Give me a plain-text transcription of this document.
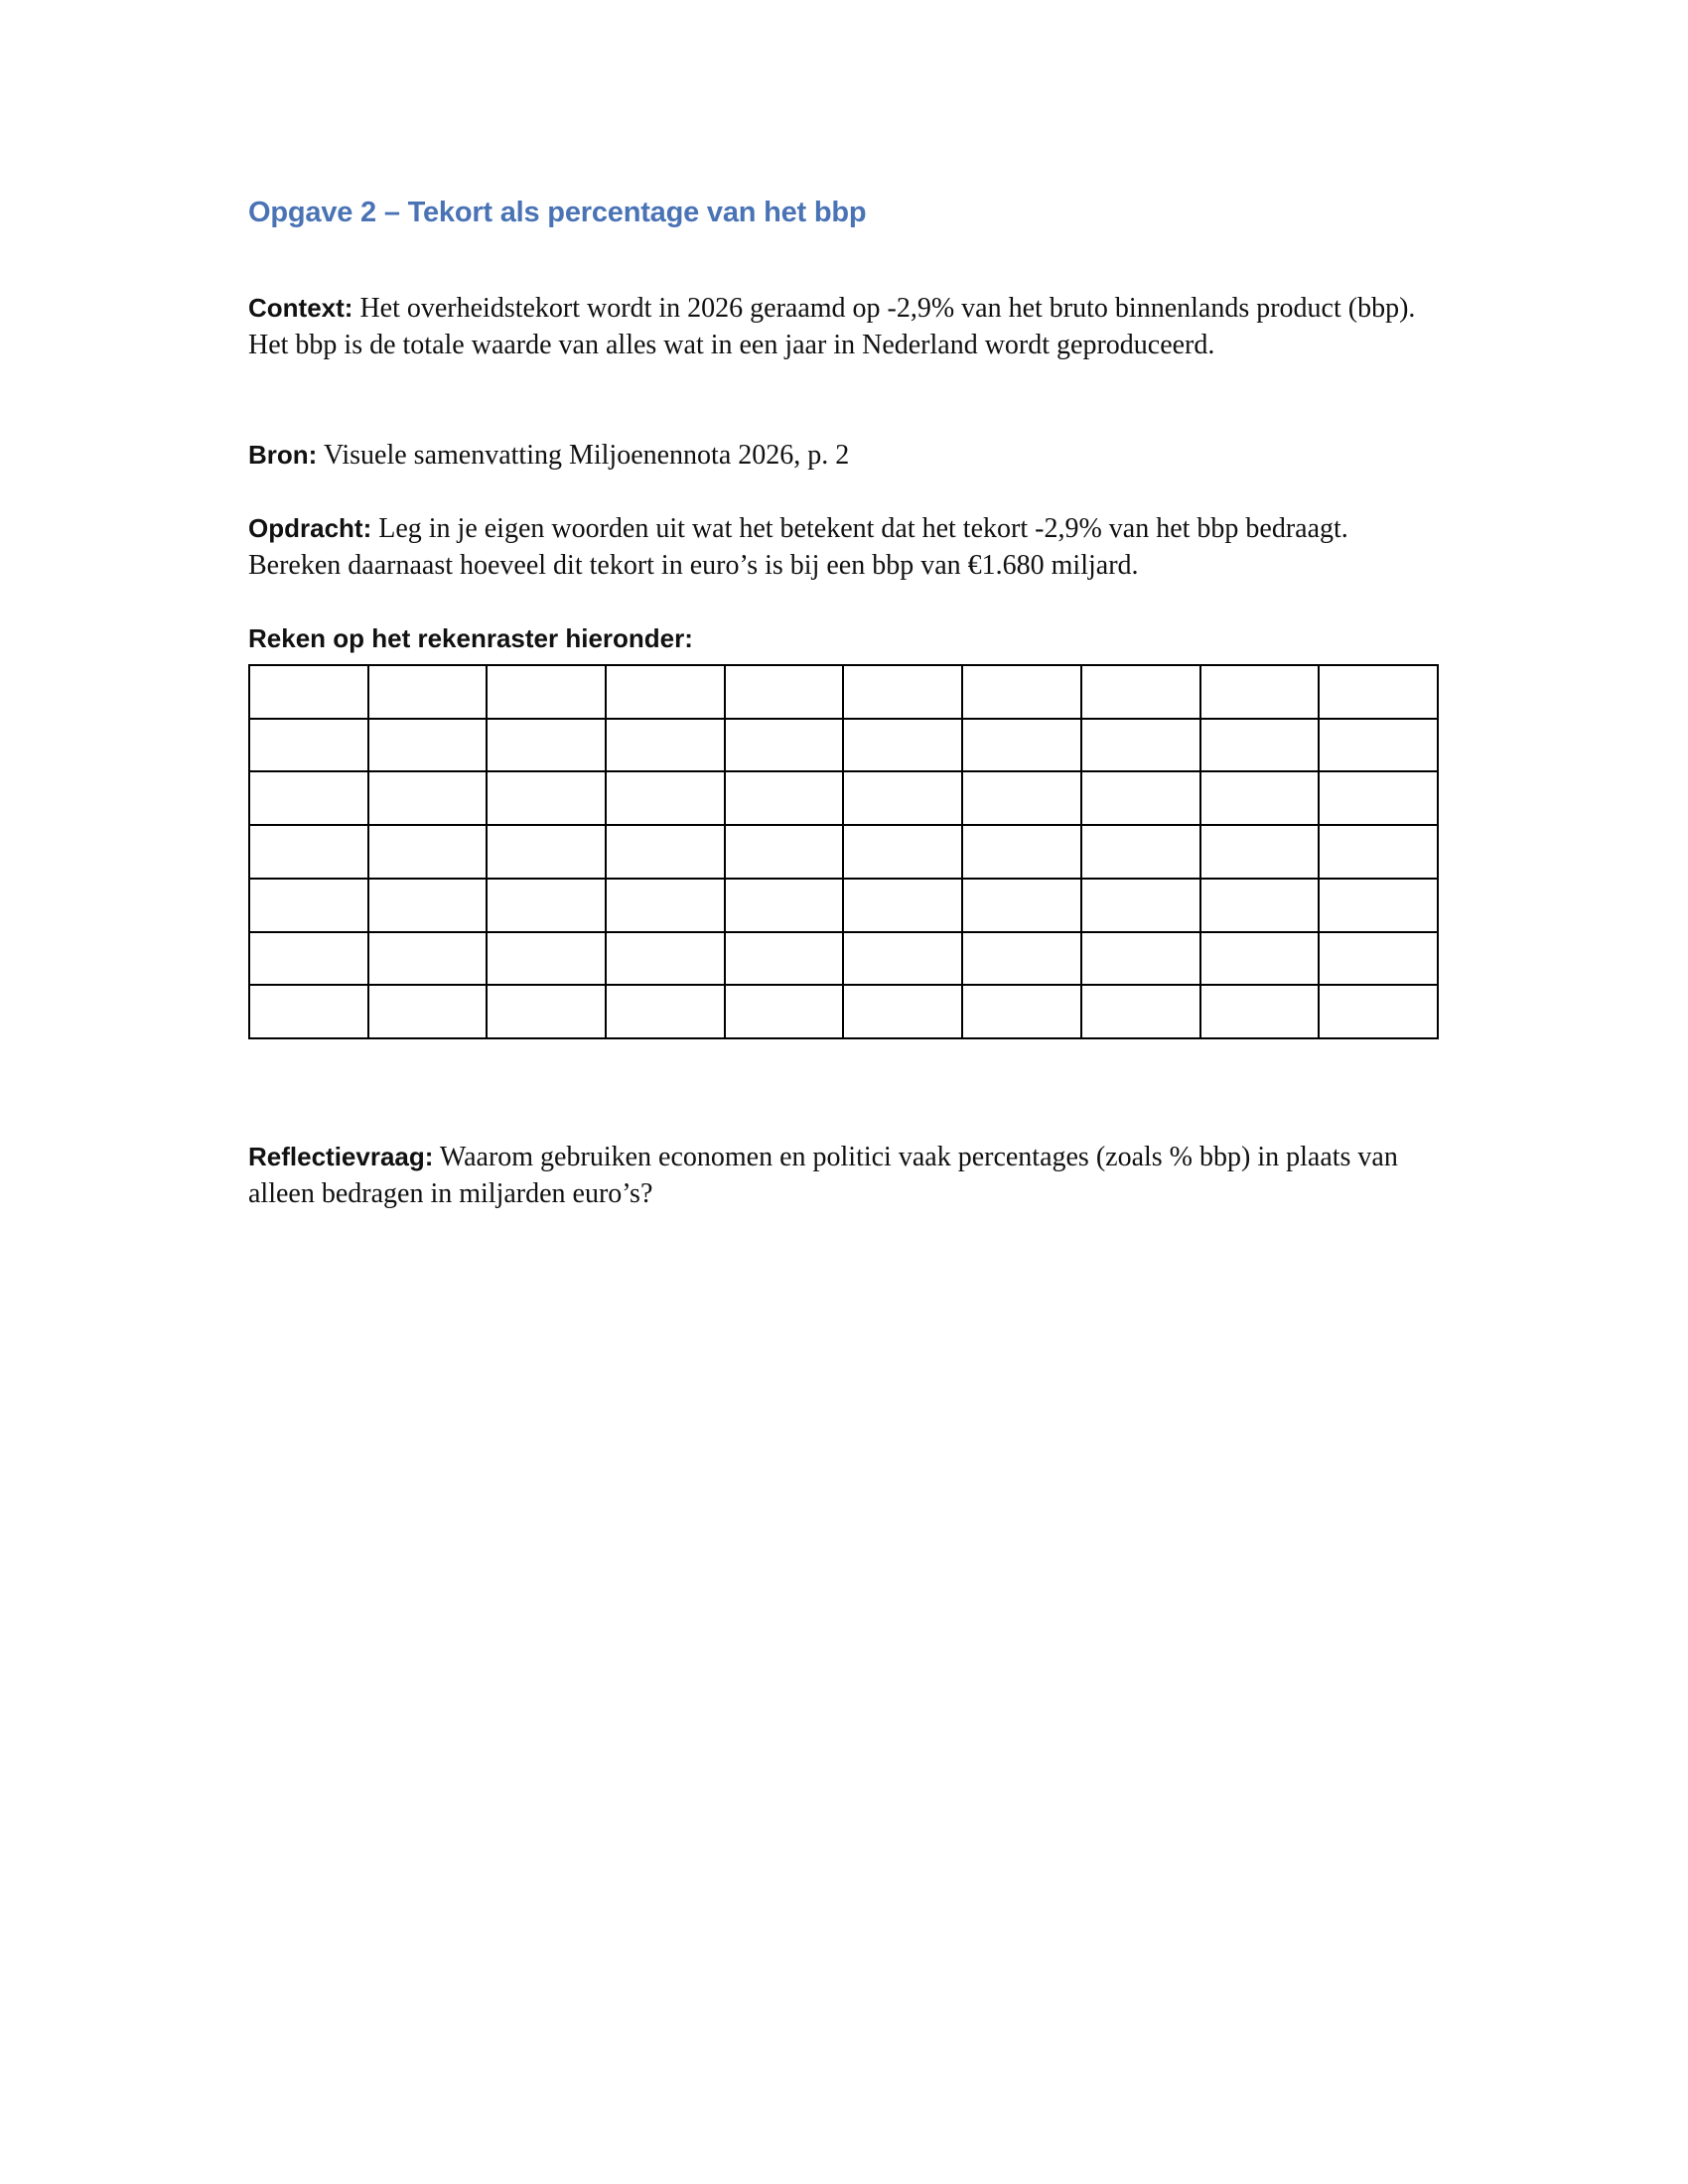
Opgave 2 – Tekort als percentage van het bbp

Context: Het overheidstekort wordt in 2026 geraamd op -2,9% van het bruto binnenlands product (bbp). Het bbp is de totale waarde van alles wat in een jaar in Nederland wordt geproduceerd.

Bron: Visuele samenvatting Miljoenennota 2026, p. 2

Opdracht: Leg in je eigen woorden uit wat het betekent dat het tekort -2,9% van het bbp bedraagt. Bereken daarnaast hoeveel dit tekort in euro’s is bij een bbp van €1.680 miljard.

Reken op het rekenraster hieronder:

Reflectievraag: Waarom gebruiken economen en politici vaak percentages (zoals % bbp) in plaats van alleen bedragen in miljarden euro’s?
